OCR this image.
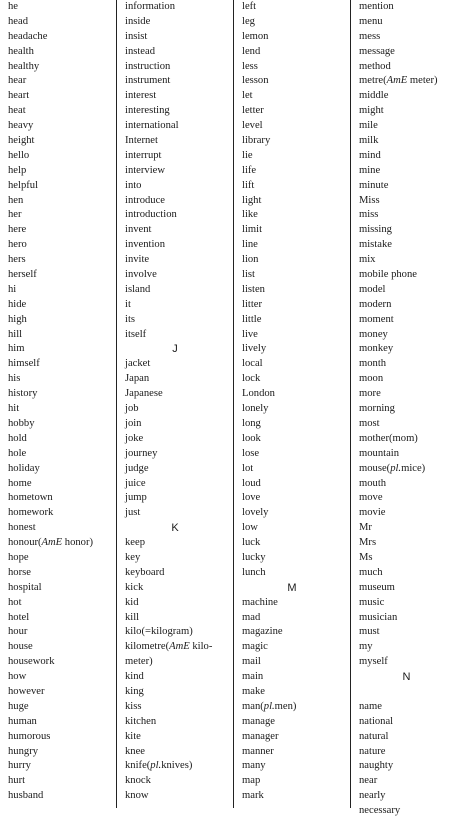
he
head
headache
health
healthy
hear
heart
heat
heavy
height
hello
help
helpful
hen
her
here
hero
hers
herself
hi
hide
high
hill
him
himself
his
history
hit
hobby
hold
hole
holiday
home
hometown
homework
honest
honour(AmE honor)
hope
horse
hospital
hot
hotel
hour
house
housework
how
however
huge
human
humorous
hungry
hurry
hurt
husband
information
inside
insist
instead
instruction
instrument
interest
interesting
international
Internet
interrupt
interview
into
introduce
introduction
invent
invention
invite
involve
island
it
its
itself
J
jacket
Japan
Japanese
job
join
joke
journey
judge
juice
jump
just
K
keep
key
keyboard
kick
kid
kill
kilo(=kilogram)
kilometre(AmE kilo-
meter)
kind
king
kiss
kitchen
kite
knee
knife(pl.knives)
knock
know
left
leg
lemon
lend
less
lesson
let
letter
level
library
lie
life
lift
light
like
limit
line
lion
list
listen
litter
little
live
lively
local
lock
London
lonely
long
look
lose
lot
loud
love
lovely
low
luck
lucky
lunch
M
machine
mad
magazine
magic
mail
main
make
man(pl.men)
manage
manager
manner
many
map
mark
mention
menu
mess
message
method
metre(AmE meter)
middle
might
mile
milk
mind
mine
minute
Miss
miss
missing
mistake
mix
mobile phone
model
modern
moment
money
monkey
month
moon
more
morning
most
mother(mom)
mountain
mouse(pl.mice)
mouth
move
movie
Mr
Mrs
Ms
much
museum
music
musician
must
my
myself
N
name
national
natural
nature
naughty
near
nearly
necessary
